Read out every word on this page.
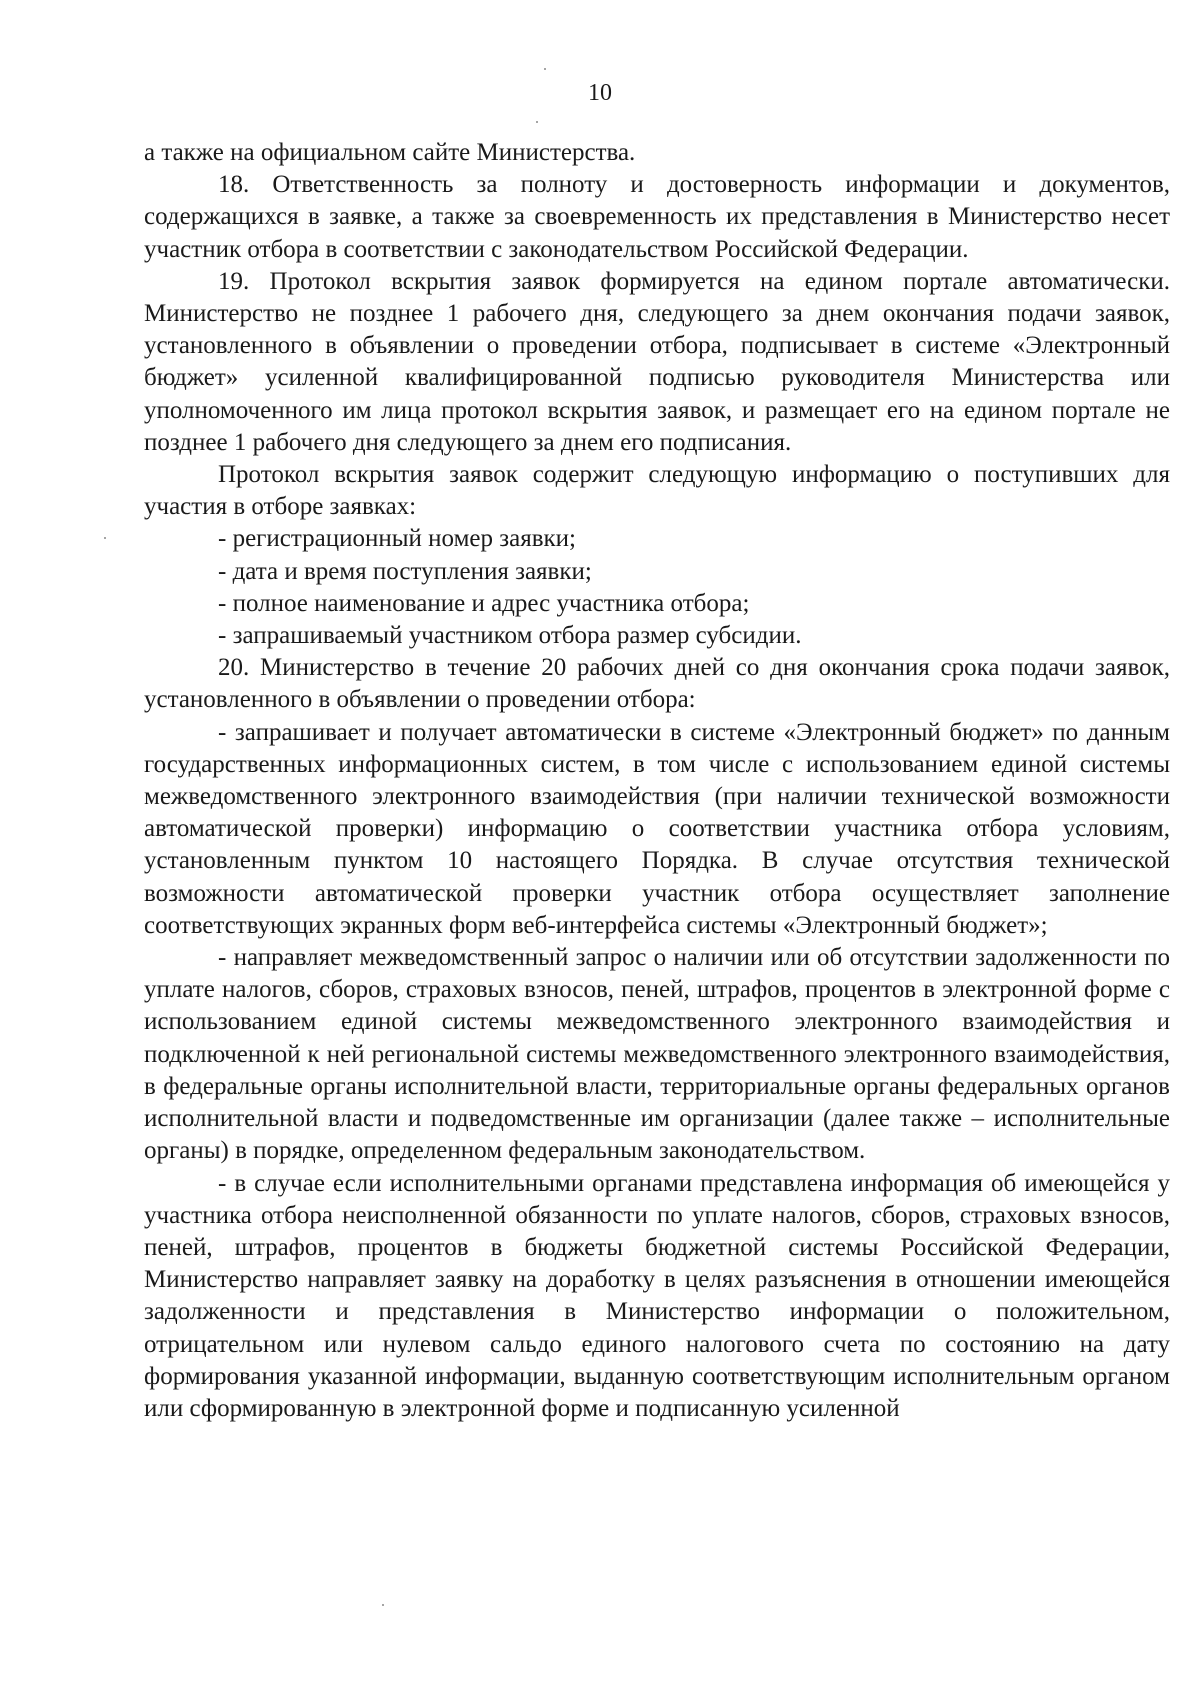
10

а также на официальном сайте Министерства.

18. Ответственность за полноту и достоверность информации и документов, содержащихся в заявке, а также за своевременность их представления в Министерство несет участник отбора в соответствии с законодательством Российской Федерации.

19. Протокол вскрытия заявок формируется на едином портале автоматически. Министерство не позднее 1 рабочего дня, следующего за днем окончания подачи заявок, установленного в объявлении о проведении отбора, подписывает в системе «Электронный бюджет» усиленной квалифицированной подписью руководителя Министерства или уполномоченного им лица протокол вскрытия заявок, и размещает его на едином портале не позднее 1 рабочего дня следующего за днем его подписания.

Протокол вскрытия заявок содержит следующую информацию о поступивших для участия в отборе заявках:

- регистрационный номер заявки;

- дата и время поступления заявки;

- полное наименование и адрес участника отбора;

- запрашиваемый участником отбора размер субсидии.

20. Министерство в течение 20 рабочих дней со дня окончания срока подачи заявок, установленного в объявлении о проведении отбора:

- запрашивает и получает автоматически в системе «Электронный бюджет» по данным государственных информационных систем, в том числе с использованием единой системы межведомственного электронного взаимодействия (при наличии технической возможности автоматической проверки) информацию о соответствии участника отбора условиям, установленным пунктом 10 настоящего Порядка. В случае отсутствия технической возможности автоматической проверки участник отбора осуществляет заполнение соответствующих экранных форм веб-интерфейса системы «Электронный бюджет»;

- направляет межведомственный запрос о наличии или об отсутствии задолженности по уплате налогов, сборов, страховых взносов, пеней, штрафов, процентов в электронной форме с использованием единой системы межведомственного электронного взаимодействия и подключенной к ней региональной системы межведомственного электронного взаимодействия, в федеральные органы исполнительной власти, территориальные органы федеральных органов исполнительной власти и подведомственные им организации (далее также – исполнительные органы) в порядке, определенном федеральным законодательством.

- в случае если исполнительными органами представлена информация об имеющейся у участника отбора неисполненной обязанности по уплате налогов, сборов, страховых взносов, пеней, штрафов, процентов в бюджеты бюджетной системы Российской Федерации, Министерство направляет заявку на доработку в целях разъяснения в отношении имеющейся задолженности и представления в Министерство информации о положительном, отрицательном или нулевом сальдо единого налогового счета по состоянию на дату формирования указанной информации, выданную соответствующим исполнительным органом или сформированную в электронной форме и подписанную усиленной
